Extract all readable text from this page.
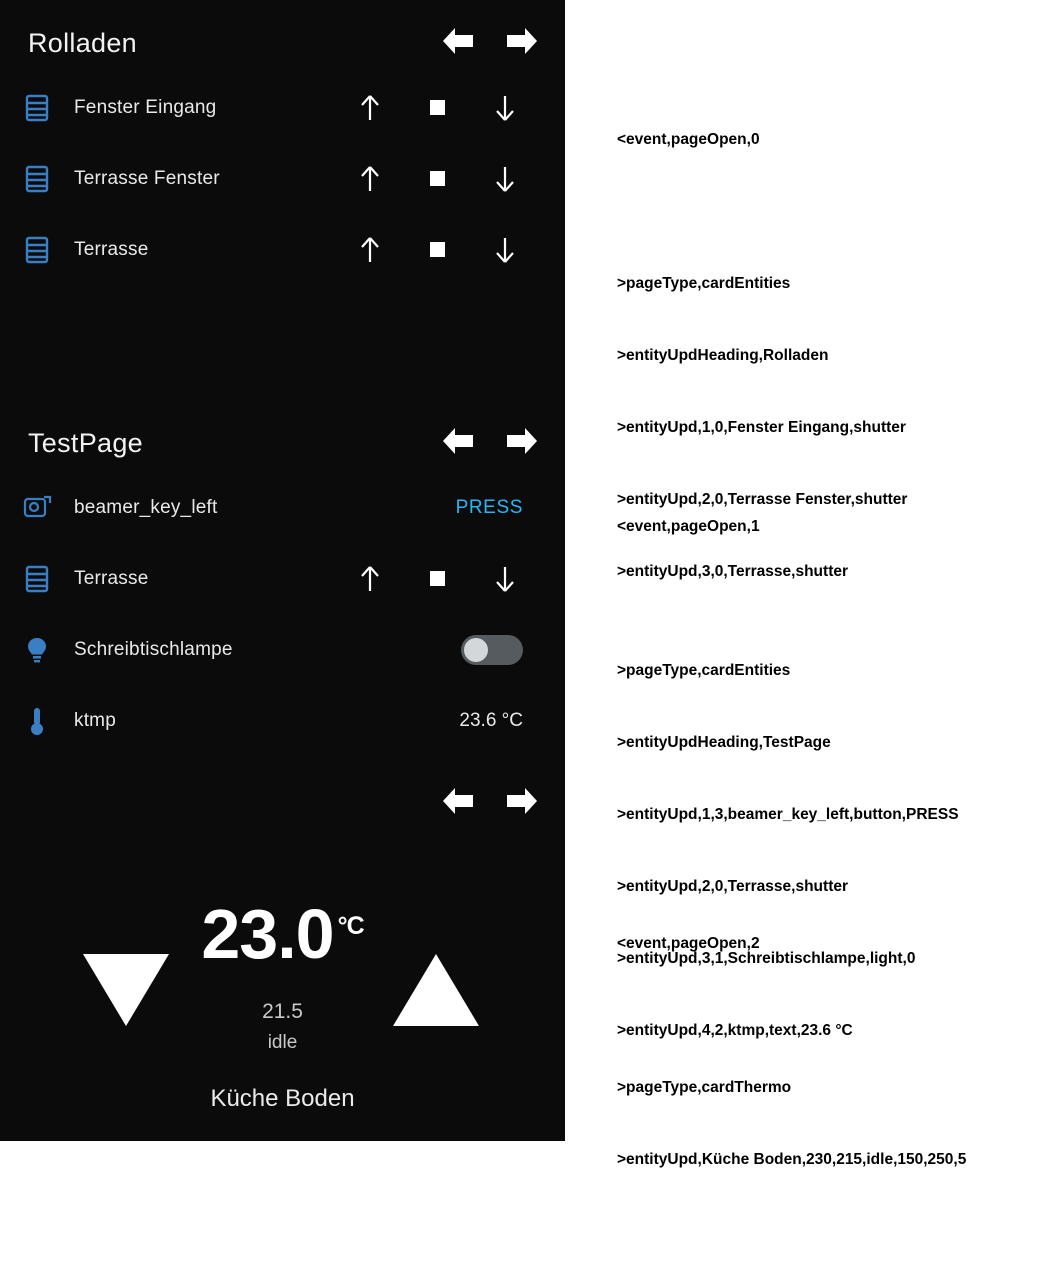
Rolladen
Fenster Eingang
Terrasse Fenster
Terrasse
TestPage
beamer_key_left	PRESS
Terrasse
Schreibtischlampe
ktmp	23.6 °C
23.0 $^{^\circ C}$
21.5
idle
Küche Boden

<event,pageOpen,0

>pageType,cardEntities

>entityUpdHeading,Rolladen

>entityUpd,1,0,Fenster Eingang,shutter

>entityUpd,2,0,Terrasse Fenster,shutter

>entityUpd,3,0,Terrasse,shutter

<event,pageOpen,1

>pageType,cardEntities

>entityUpdHeading,TestPage

>entityUpd,1,3,beamer_key_left,button,PRESS

>entityUpd,2,0,Terrasse,shutter

>entityUpd,3,1,Schreibtischlampe,light,0

>entityUpd,4,2,ktmp,text,23.6 °C

<event,pageOpen,2

>pageType,cardThermo

>entityUpd,Küche Boden,230,215,idle,150,250,5
